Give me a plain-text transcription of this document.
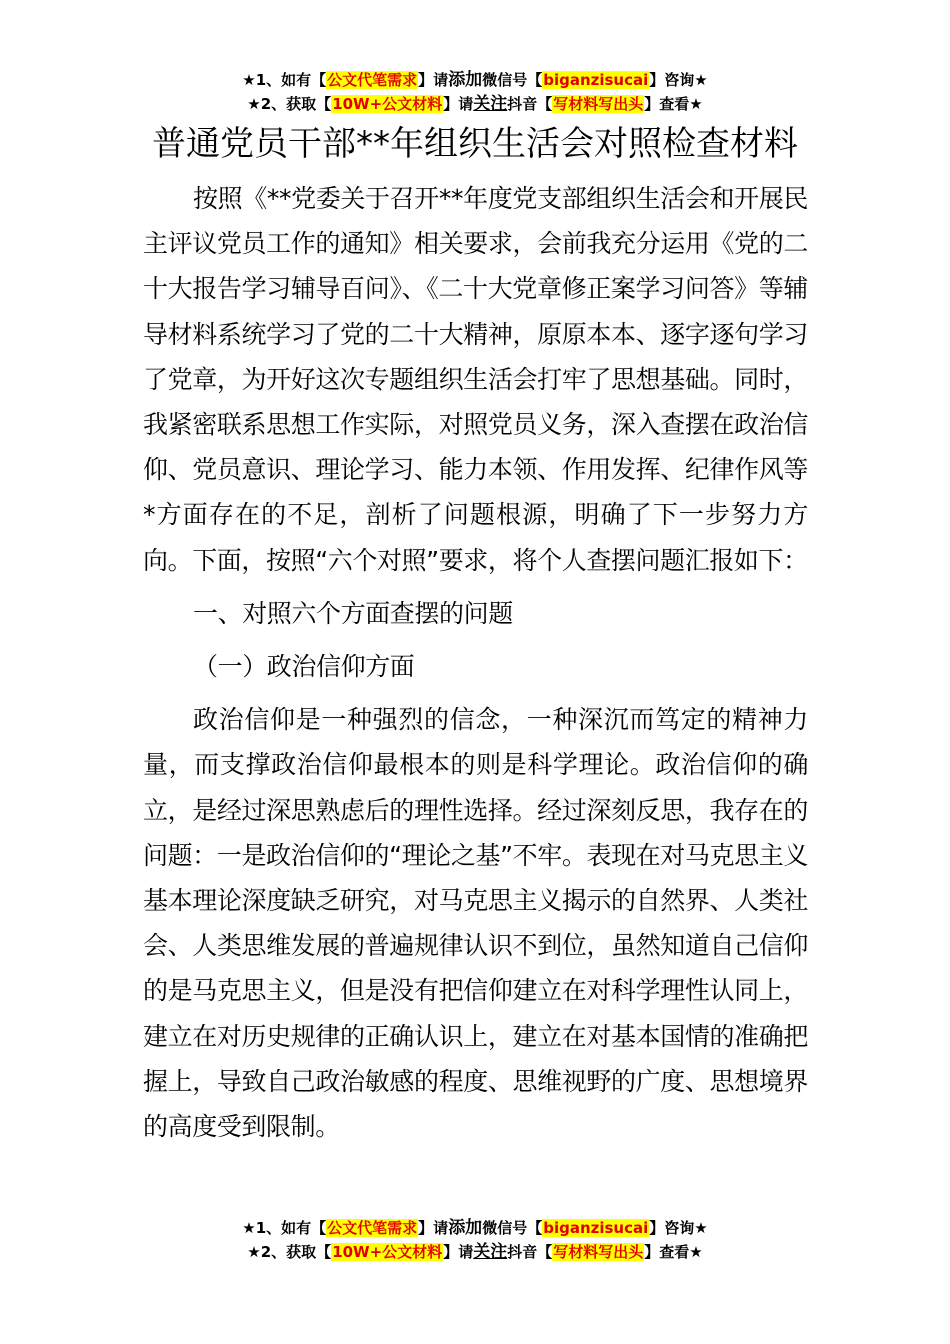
★1、如有【公文代笔需求】请添加微信号【biganzisucai】咨询★
★2、获取【10W+公文材料】请关注抖音【写材料写出头】查看★
普通党员干部**年组织生活会对照检查材料

按照《**党委关于召开**年度党支部组织生活会和开展民主评议党员工作的通知》相关要求，会前我充分运用《党的二十大报告学习辅导百问》、《二十大党章修正案学习问答》等辅导材料系统学习了党的二十大精神，原原本本、逐字逐句学习了党章，为开好这次专题组织生活会打牢了思想基础。同时，我紧密联系思想工作实际，对照党员义务，深入查摆在政治信仰、党员意识、理论学习、能力本领、作用发挥、纪律作风等*方面存在的不足，剖析了问题根源，明确了下一步努力方向。下面，按照“六个对照”要求，将个人查摆问题汇报如下：

一、对照六个方面查摆的问题

（一）政治信仰方面

政治信仰是一种强烈的信念，一种深沉而笃定的精神力量，而支撑政治信仰最根本的则是科学理论。政治信仰的确立，是经过深思熟虑后的理性选择。经过深刻反思，我存在的问题：一是政治信仰的“理论之基”不牢。表现在对马克思主义基本理论深度缺乏研究，对马克思主义揭示的自然界、人类社会、人类思维发展的普遍规律认识不到位，虽然知道自己信仰的是马克思主义，但是没有把信仰建立在对科学理性认同上，建立在对历史规律的正确认识上，建立在对基本国情的准确把握上，导致自己政治敏感的程度、思维视野的广度、思想境界的高度受到限制。

★1、如有【公文代笔需求】请添加微信号【biganzisucai】咨询★
★2、获取【10W+公文材料】请关注抖音【写材料写出头】查看★
